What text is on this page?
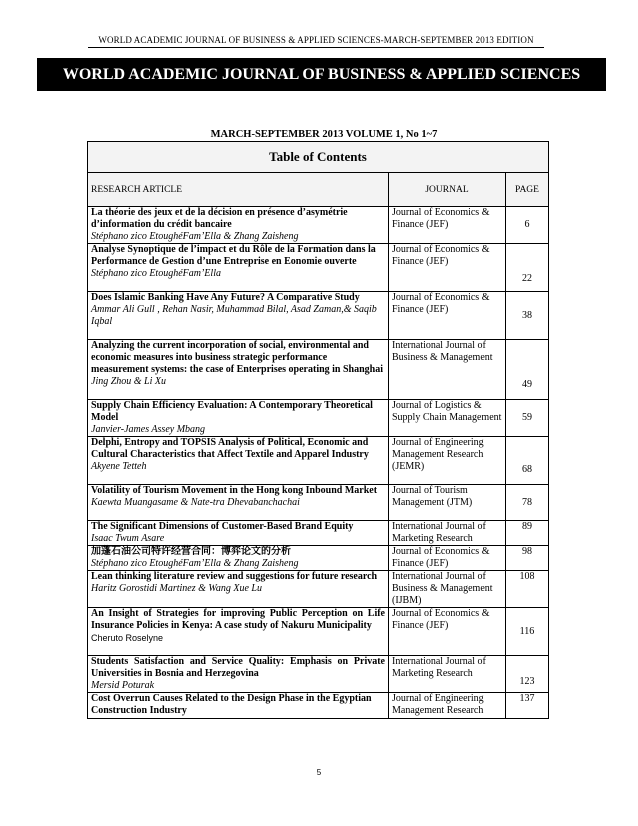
WORLD ACADEMIC JOURNAL OF BUSINESS & APPLIED SCIENCES-MARCH-SEPTEMBER 2013 EDITION
WORLD ACADEMIC JOURNAL OF BUSINESS & APPLIED SCIENCES
MARCH-SEPTEMBER 2013 VOLUME 1, No 1~7
Table of Contents		
RESEARCH ARTICLE	JOURNAL	PAGE

La théorie des jeux et de la décision en présence d’asymétrie d’information du crédit bancaire
Stéphano zico EtoughéFam’Ella & Zhang Zaisheng	Journal of Economics & Finance (JEF)	6

Analyse Synoptique de l’impact et du Rôle de la Formation dans la Performance de Gestion d’une Entreprise en Eonomie ouverte
Stéphano zico EtoughéFam’Ella	Journal of Economics & Finance (JEF)	22

Does Islamic Banking Have Any Future? A Comparative Study
Ammar Ali Gull , Rehan Nasir, Muhammad Bilal, Asad Zaman,& Saqib Iqbal	Journal of Economics & Finance (JEF)	38

Analyzing the current incorporation of social, environmental and economic measures into business strategic performance measurement systems: the case of Enterprises operating in Shanghai
Jing Zhou & Li Xu	International Journal of Business & Management	49

Supply Chain Efficiency Evaluation: A Contemporary Theoretical Model
Janvier-James Assey Mbang	Journal of Logistics & Supply Chain Management	59

Delphi, Entropy and TOPSIS Analysis of Political, Economic and Cultural Characteristics that Affect Textile and Apparel Industry
Akyene Tetteh	Journal of Engineering Management Research (JEMR)	68

Volatility of Tourism Movement in the Hong kong Inbound Market
Kaewta Muangasame & Nate-tra Dhevabanchachai	Journal of Tourism Management (JTM)	78

The Significant Dimensions of Customer-Based Brand Equity
Isaac Twum Asare	International Journal of Marketing Research	89

加蓬石油公司特许经营合同：博弈论文的分析
Stéphano zico EtoughéFam’Ella & Zhang Zaisheng	Journal of Economics & Finance (JEF)	98

Lean thinking literature review and suggestions for future research
Haritz Gorostidi Martinez & Wang Xue Lu	International Journal of Business & Management (IJBM)	108

An Insight of Strategies for improving Public Perception on Life Insurance Policies in Kenya: A case study of Nakuru Municipality
Cheruto Roselyne	Journal of Economics & Finance (JEF)	116

Students Satisfaction and Service Quality: Emphasis on Private Universities in Bosnia and Herzegovina
Mersid Poturak	International Journal of Marketing Research	123

Cost Overrun Causes Related to the Design Phase in the Egyptian Construction Industry	Journal of Engineering Management Research	137
5
